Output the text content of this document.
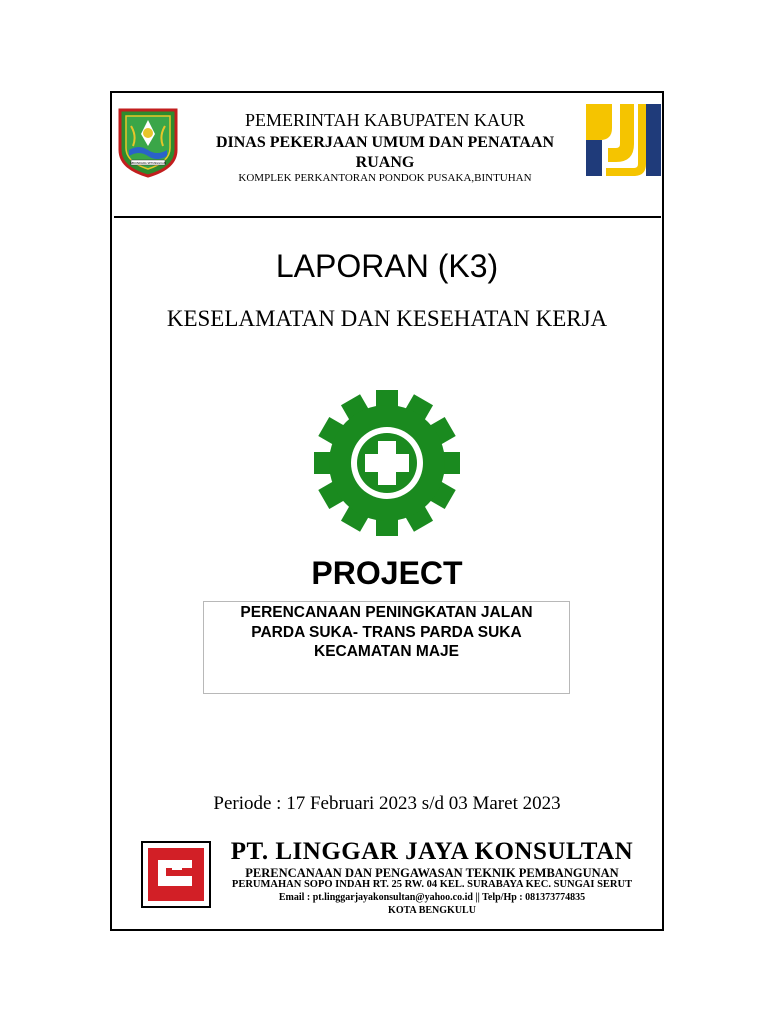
SEKUNDANG SETUNGGUAN
PEMERINTAH KABUPATEN KAUR
DINAS PEKERJAAN UMUM DAN PENATAAN
RUANG
KOMPLEK PERKANTORAN PONDOK PUSAKA,BINTUHAN
LAPORAN (K3)
KESELAMATAN DAN KESEHATAN KERJA
PROJECT
PERENCANAAN PENINGKATAN JALAN
PARDA SUKA- TRANS PARDA SUKA
KECAMATAN MAJE
Periode : 17 Februari 2023 s/d 03 Maret 2023
PT. LINGGAR JAYA KONSULTAN
PERENCANAAN DAN PENGAWASAN TEKNIK PEMBANGUNAN
PERUMAHAN SOPO INDAH RT. 25 RW. 04 KEL. SURABAYA KEC. SUNGAI SERUT
Email : pt.linggarjayakonsultan@yahoo.co.id || Telp/Hp : 081373774835
KOTA BENGKULU
